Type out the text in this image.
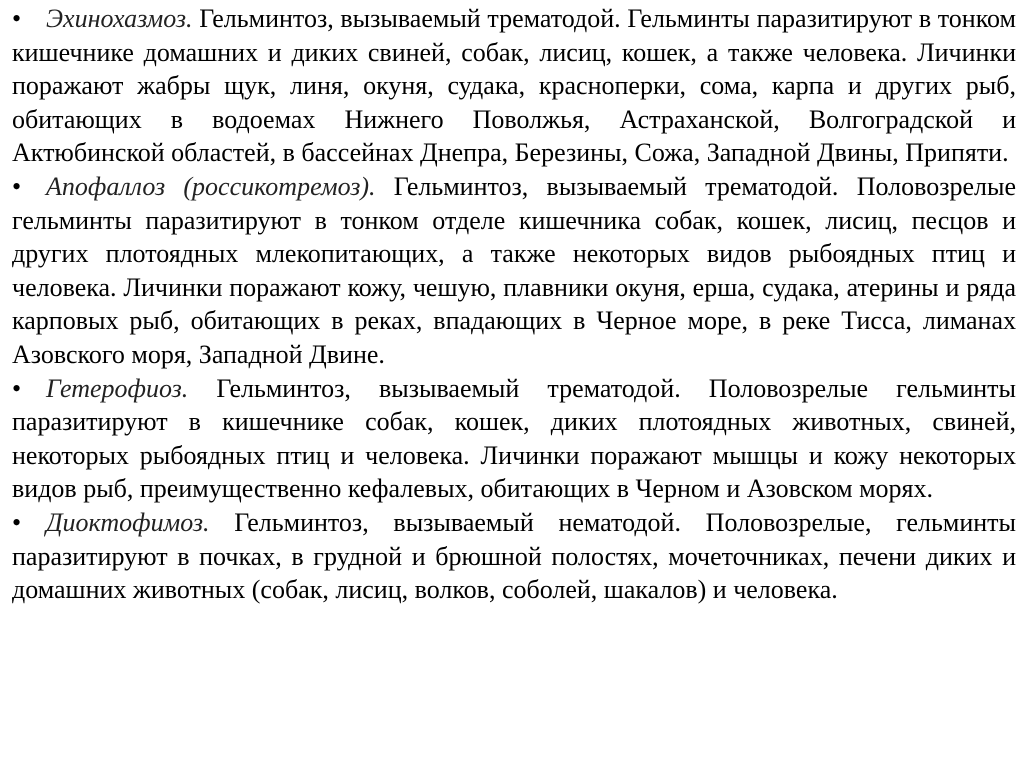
• Эхинохазмоз. Гельминтоз, вызываемый трематодой. Гельминты паразитируют в тонком кишечнике домашних и диких свиней, собак, лисиц, кошек, а также человека. Личинки поражают жабры щук, линя, окуня, судака, красноперки, сома, карпа и других рыб, обитающих в водоемах Нижнего Поволжья, Астраханской, Волгоградской и Актюбинской областей, в бассейнах Днепра, Березины, Сожа, Западной Двины, Припяти.

• Апофаллоз (россикотремоз). Гельминтоз, вызываемый трематодой. Половозрелые гельминты паразитируют в тонком отделе кишечника собак, кошек, лисиц, песцов и других плотоядных млекопитающих, а также некоторых видов рыбоядных птиц и человека. Личинки поражают кожу, чешую, плавники окуня, ерша, судака, атерины и ряда карповых рыб, обитающих в реках, впадающих в Черное море, в реке Тисса, лиманах Азовского моря, Западной Двине.

• Гетерофиоз. Гельминтоз, вызываемый трематодой. Половозрелые гельминты паразитируют в кишечнике собак, кошек, диких плотоядных животных, свиней, некоторых рыбоядных птиц и человека. Личинки поражают мышцы и кожу некоторых видов рыб, преимущественно кефалевых, обитающих в Черном и Азовском морях.

• Диоктофимоз. Гельминтоз, вызываемый нематодой. Половозрелые, гельминты паразитируют в почках, в грудной и брюшной полостях, мочеточниках, печени диких и домашних животных (собак, лисиц, волков, соболей, шакалов) и человека.
